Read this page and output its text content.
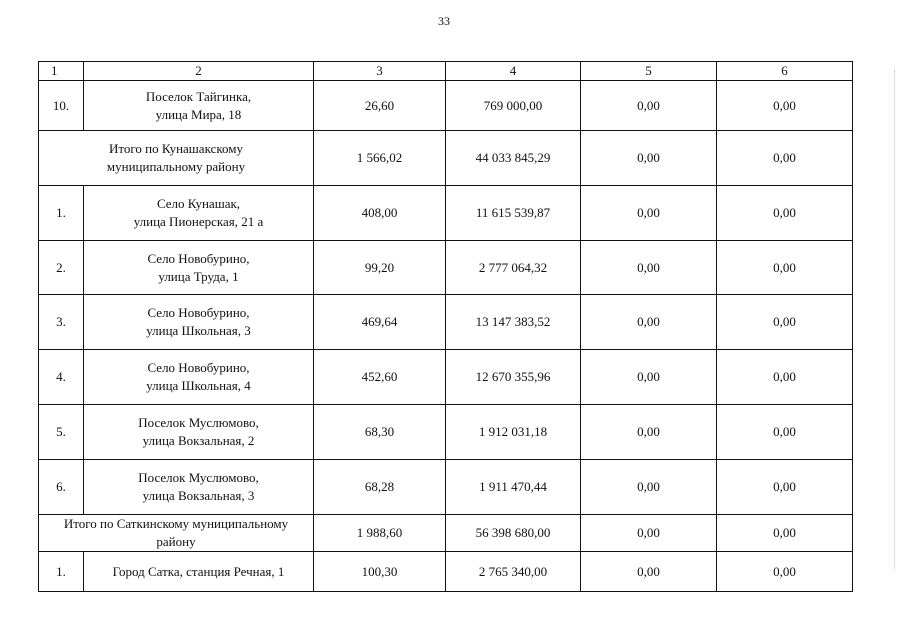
33
1	2	3	4	5	6
10.	Поселок Тайгинка,
улица Мира, 18	26,60	769 000,00	0,00	0,00

Итого по Кунашакскому
муниципальному району		1 566,02	44 033 845,29	0,00	0,00
1.	Село Кунашак,
улица Пионерская, 21 а	408,00	11 615 539,87	0,00	0,00
2.	Село Новобурино,
улица Труда, 1	99,20	2 777 064,32	0,00	0,00
3.	Село Новобурино,
улица Школьная, 3	469,64	13 147 383,52	0,00	0,00
4.	Село Новобурино,
улица Школьная, 4	452,60	12 670 355,96	0,00	0,00
5.	Поселок Муслюмово,
улица Вокзальная, 2	68,30	1 912 031,18	0,00	0,00
6.	Поселок Муслюмово,
улица Вокзальная, 3	68,28	1 911 470,44	0,00	0,00

Итого по Саткинскому муниципальному
району		1 988,60	56 398 680,00	0,00	0,00
1.	Город Сатка, станция Речная, 1	100,30	2 765 340,00	0,00	0,00
